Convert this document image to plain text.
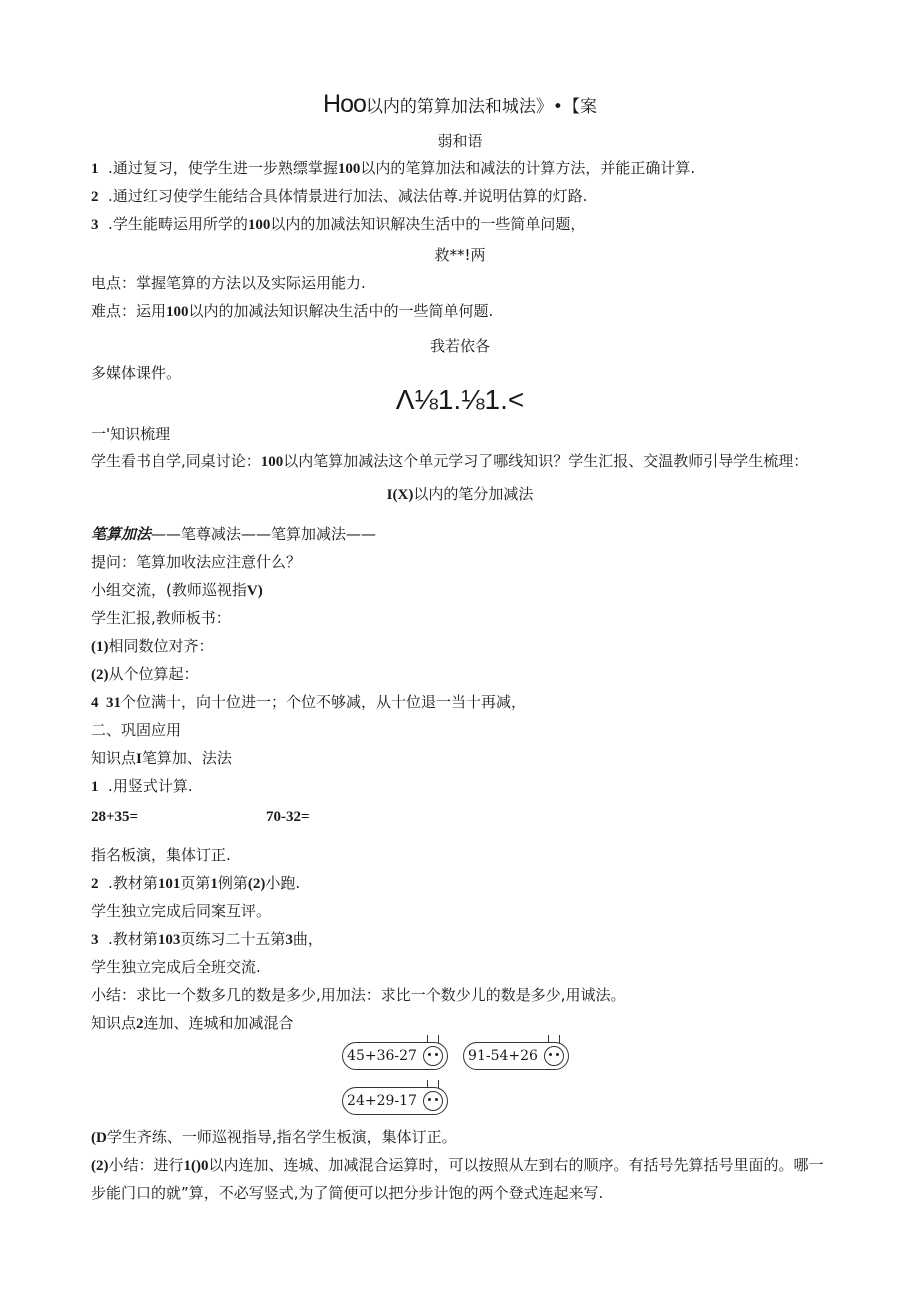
Hoo以内的第算加法和城法》•【案
弱和语
1 .通过复习，使学生进一步熟缥掌握100以内的笔算加法和减法的计算方法，并能正确计算.
2 .通过红习使学生能结合具体情景进行加法、减法估尊.并说明估算的灯路.
3 .学生能畴运用所学的100以内的加减法知识解决生活中的一些简单问题，
救**!两
电点：掌握笔算的方法以及实际运用能力.
难点：运用100以内的加减法知识解决生活中的一些简单何题.
我若依各
多媒体课件。
Λ⅛1.⅛1.<
一'知识梳理
学生看书自学,同桌讨论：100以内笔算加减法这个单元学习了哪线知识？学生汇报、交温教师引导学生梳理：
I(X)以内的笔分加减法
笔算加法——笔尊减法——笔算加减法——
提问：笔算加收法应注意什么？
小组交流，(教师巡视指V)
学生汇报,教师板书：
(1)相同数位对齐：
(2)从个位算起：
4  31个位满十，向十位进一；个位不够减，从十位退一当十再减，
二、巩固应用
知识点I笔算加、法法
1 .用竖式计算.
28+35=	70-32=
指名板演，集体订正.
2 .教材第101页第1例第(2)小跑.
学生独立完成后同案互评。
3 .教材第103页练习二十五第3曲，
学生独立完成后全班交流.
小结：求比一个数多几的数是多少,用加法：求比一个数少儿的数是多少,用诚法。
知识点2连加、连城和加减混合
45+36-27	91-54+26
24+29-17
(D学生齐练、一师巡视指导,指名学生板演，集体订正。
(2)小结：进行1()0以内连加、连城、加减混合运算时，可以按照从左到右的顺序。有括号先算括号里面的。哪一
步能门口的就”算，不必写竖式,为了简便可以把分步计饱的两个登式连起来写.
